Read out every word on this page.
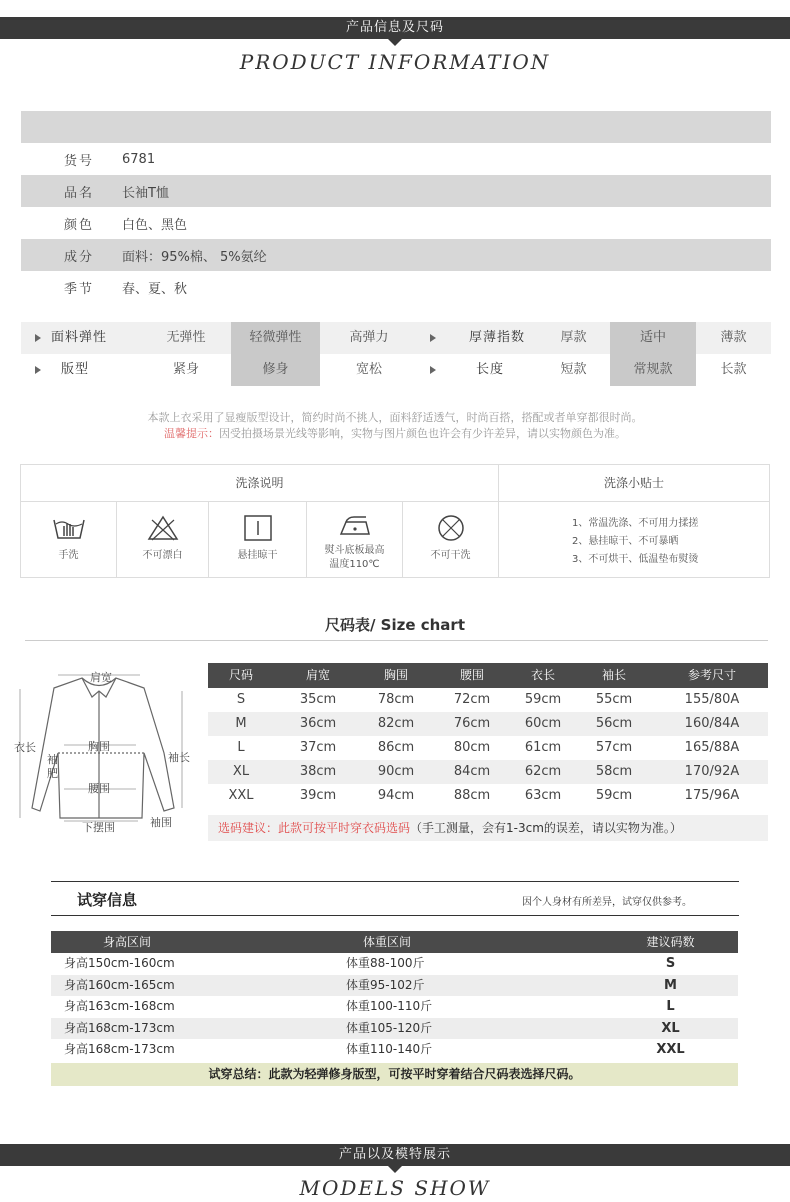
产品信息及尺码
PRODUCT INFORMATION
货号	6781
品名	长袖T恤
颜色	白色、黑色
成分	面料：95%棉、 5%氨纶
季节	春、夏、秋
面料弹性	无弹性	轻微弹性	高弹力	厚薄指数	厚款	适中	薄款
版型	紧身	修身	宽松	长度	短款	常规款	长款
本款上衣采用了显瘦版型设计，简约时尚不挑人，面料舒适透气，时尚百搭，搭配或者单穿都很时尚。
温馨提示：因受拍摄场景光线等影响，实物与图片颜色也许会有少许差异，请以实物颜色为准。
洗涤说明	洗涤小贴士
手洗	不可漂白	悬挂晾干	熨斗底板最高
温度110℃
不可干洗
1、常温洗涤、不可用力揉搓
2、悬挂晾干、不可暴晒
3、不可烘干、低温垫布熨烫
尺码表/ Size chart
肩宽
衣长	胸围
袖长
袖
肥
腰围
下摆围	袖围
尺码	肩宽	胸围	腰围	衣长	袖长	参考尺寸
S	35cm	78cm	72cm	59cm	55cm	155/80A
M	36cm	82cm	76cm	60cm	56cm	160/84A
L	37cm	86cm	80cm	61cm	57cm	165/88A
XL	38cm	90cm	84cm	62cm	58cm	170/92A
XXL	39cm	94cm	88cm	63cm	59cm	175/96A
选码建议：此款可按平时穿衣码选码（手工测量，会有1-3cm的误差，请以实物为准。）
试穿信息	因个人身材有所差异，试穿仅供参考。
身高区间	体重区间	建议码数
身高150cm-160cm	体重88-100斤	S
身高160cm-165cm	体重95-102斤	M
身高163cm-168cm	体重100-110斤	L
身高168cm-173cm	体重105-120斤	XL
身高168cm-173cm	体重110-140斤	XXL
试穿总结：此款为轻弹修身版型，可按平时穿着结合尺码表选择尺码。
产品以及模特展示
MODELS SHOW
